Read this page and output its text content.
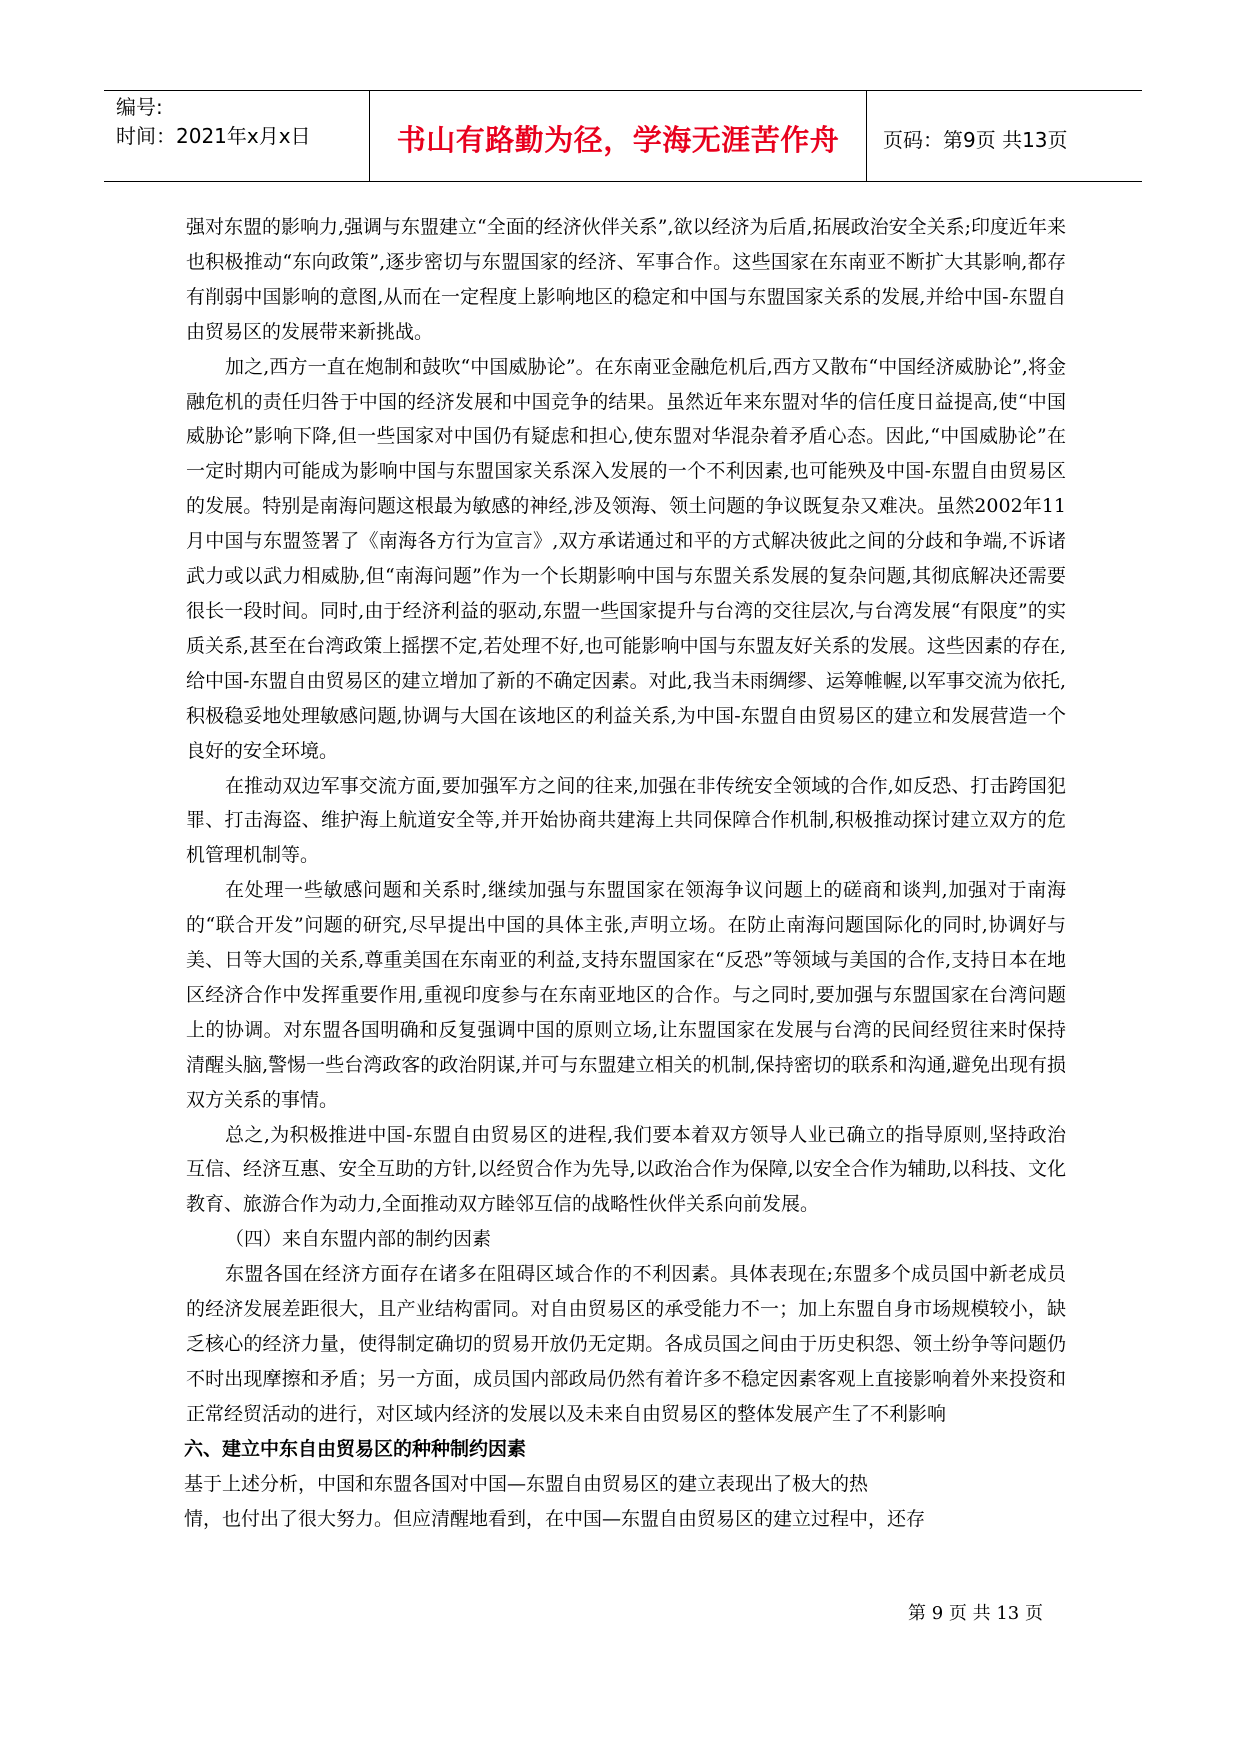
编号:
时间：2021年x月x日	书山有路勤为径，学海无涯苦作舟	页码：第9页 共13页

强对东盟的影响力,强调与东盟建立“全面的经济伙伴关系”,欲以经济为后盾,拓展政治安全关系;印度近年来也积极推动“东向政策”,逐步密切与东盟国家的经济、军事合作。这些国家在东南亚不断扩大其影响,都存有削弱中国影响的意图,从而在一定程度上影响地区的稳定和中国与东盟国家关系的发展,并给中国-东盟自由贸易区的发展带来新挑战。

加之,西方一直在炮制和鼓吹“中国威胁论”。在东南亚金融危机后,西方又散布“中国经济威胁论”,将金融危机的责任归咎于中国的经济发展和中国竞争的结果。虽然近年来东盟对华的信任度日益提高,使“中国威胁论”影响下降,但一些国家对中国仍有疑虑和担心,使东盟对华混杂着矛盾心态。因此,“中国威胁论”在一定时期内可能成为影响中国与东盟国家关系深入发展的一个不利因素,也可能殃及中国-东盟自由贸易区的发展。特别是南海问题这根最为敏感的神经,涉及领海、领土问题的争议既复杂又难决。虽然2002年11月中国与东盟签署了《南海各方行为宣言》,双方承诺通过和平的方式解决彼此之间的分歧和争端,不诉诸武力或以武力相威胁,但“南海问题”作为一个长期影响中国与东盟关系发展的复杂问题,其彻底解决还需要很长一段时间。同时,由于经济利益的驱动,东盟一些国家提升与台湾的交往层次,与台湾发展“有限度”的实质关系,甚至在台湾政策上摇摆不定,若处理不好,也可能影响中国与东盟友好关系的发展。这些因素的存在,给中国-东盟自由贸易区的建立增加了新的不确定因素。对此,我当未雨绸缪、运筹帷幄,以军事交流为依托,积极稳妥地处理敏感问题,协调与大国在该地区的利益关系,为中国-东盟自由贸易区的建立和发展营造一个良好的安全环境。

在推动双边军事交流方面,要加强军方之间的往来,加强在非传统安全领域的合作,如反恐、打击跨国犯罪、打击海盗、维护海上航道安全等,并开始协商共建海上共同保障合作机制,积极推动探讨建立双方的危机管理机制等。

在处理一些敏感问题和关系时,继续加强与东盟国家在领海争议问题上的磋商和谈判,加强对于南海的“联合开发”问题的研究,尽早提出中国的具体主张,声明立场。在防止南海问题国际化的同时,协调好与美、日等大国的关系,尊重美国在东南亚的利益,支持东盟国家在“反恐”等领域与美国的合作,支持日本在地区经济合作中发挥重要作用,重视印度参与在东南亚地区的合作。与之同时,要加强与东盟国家在台湾问题上的协调。对东盟各国明确和反复强调中国的原则立场,让东盟国家在发展与台湾的民间经贸往来时保持清醒头脑,警惕一些台湾政客的政治阴谋,并可与东盟建立相关的机制,保持密切的联系和沟通,避免出现有损双方关系的事情。

总之,为积极推进中国-东盟自由贸易区的进程,我们要本着双方领导人业已确立的指导原则,坚持政治互信、经济互惠、安全互助的方针,以经贸合作为先导,以政治合作为保障,以安全合作为辅助,以科技、文化教育、旅游合作为动力,全面推动双方睦邻互信的战略性伙伴关系向前发展。

（四）来自东盟内部的制约因素

东盟各国在经济方面存在诸多在阻碍区域合作的不利因素。具体表现在;东盟多个成员国中新老成员的经济发展差距很大，且产业结构雷同。对自由贸易区的承受能力不一；加上东盟自身市场规模较小，缺乏核心的经济力量，使得制定确切的贸易开放仍无定期。各成员国之间由于历史积怨、领土纷争等问题仍不时出现摩擦和矛盾；另一方面，成员国内部政局仍然有着许多不稳定因素客观上直接影响着外来投资和正常经贸活动的进行，对区域内经济的发展以及未来自由贸易区的整体发展产生了不利影响

六、建立中东自由贸易区的种种制约因素

基于上述分析，中国和东盟各国对中国—东盟自由贸易区的建立表现出了极大的热

情，也付出了很大努力。但应清醒地看到，在中国—东盟自由贸易区的建立过程中，还存

第 9 页 共 13 页
